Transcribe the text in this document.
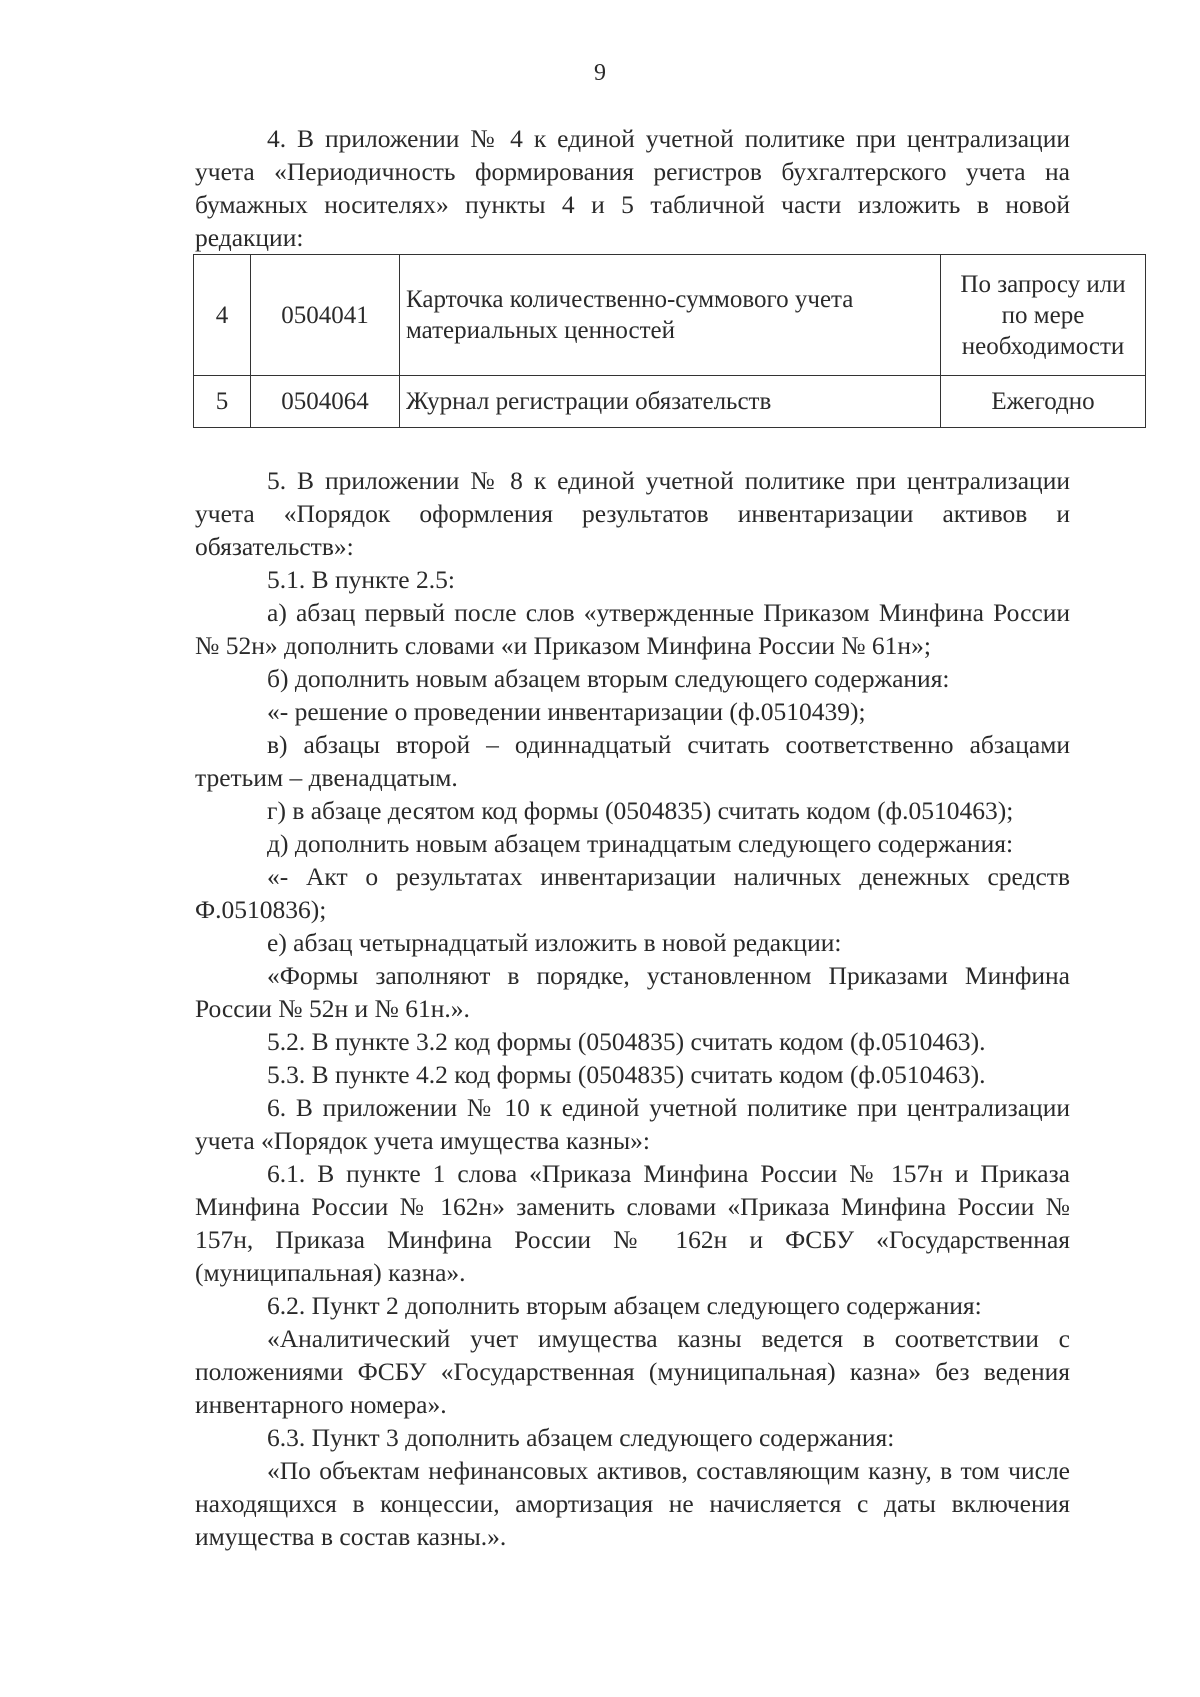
9

4. В приложении № 4 к единой учетной политике при централизации учета «Периодичность формирования регистров бухгалтерского учета на бумажных носителях» пункты 4 и 5 табличной части изложить в новой редакции:

4	0504041	Карточка количественно-суммового учета материальных ценностей	По запросу или по мере необходимости
5	0504064	Журнал регистрации обязательств	Ежегодно

5. В приложении № 8 к единой учетной политике при централизации учета «Порядок оформления результатов инвентаризации активов и обязательств»:

5.1. В пункте 2.5:

а) абзац первый после слов «утвержденные Приказом Минфина России № 52н» дополнить словами «и Приказом Минфина России № 61н»;

б) дополнить новым абзацем вторым следующего содержания:

«- решение о проведении инвентаризации (ф.0510439);

в) абзацы второй – одиннадцатый считать соответственно абзацами третьим – двенадцатым.

г) в абзаце десятом код формы (0504835) считать кодом (ф.0510463);

д) дополнить новым абзацем тринадцатым следующего содержания:

«- Акт о результатах инвентаризации наличных денежных средств Ф.0510836);

е) абзац четырнадцатый изложить в новой редакции:

«Формы заполняют в порядке, установленном Приказами Минфина России № 52н и № 61н.».

5.2. В пункте 3.2 код формы (0504835) считать кодом (ф.0510463).

5.3. В пункте 4.2 код формы (0504835) считать кодом (ф.0510463).

6. В приложении № 10 к единой учетной политике при централизации учета «Порядок учета имущества казны»:

6.1. В пункте 1 слова «Приказа Минфина России № 157н и Приказа Минфина России № 162н» заменить словами «Приказа Минфина России № 157н, Приказа Минфина России № 162н и ФСБУ «Государственная (муниципальная) казна».

6.2. Пункт 2 дополнить вторым абзацем следующего содержания:

«Аналитический учет имущества казны ведется в соответствии с положениями ФСБУ «Государственная (муниципальная) казна» без ведения инвентарного номера».

6.3. Пункт 3 дополнить абзацем следующего содержания:

«По объектам нефинансовых активов, составляющим казну, в том числе находящихся в концессии, амортизация не начисляется с даты включения имущества в состав казны.».
